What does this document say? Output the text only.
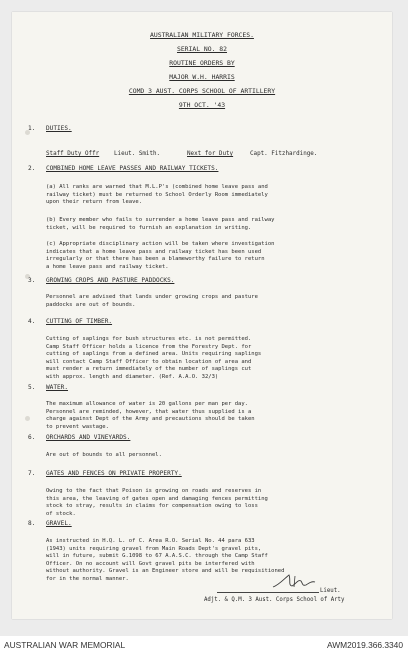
AUSTRALIAN MILITARY FORCES.
SERIAL NO. 82
ROUTINE ORDERS BY
MAJOR W.H. HARRIS
COMD 3 AUST. CORPS SCHOOL OF ARTILLERY
9TH OCT. '43
1. DUTIES.
Staff Duty Offr	Lieut. Smith.	Next for Duty	Capt. Fitzhardinge.
2. COMBINED HOME LEAVE PASSES AND RAILWAY TICKETS.
(a) All ranks are warned that M.L.P's (combined home leave pass and
railway ticket) must be returned to School Orderly Room immediately
upon their return from leave.
(b) Every member who fails to surrender a home leave pass and railway
ticket, will be required to furnish an explanation in writing.
(c) Appropriate disciplinary action will be taken where investigation
indicates that a home leave pass and railway ticket has been used
irregularly or that there has been a blameworthy failure to return
a home leave pass and railway ticket.
3. GROWING CROPS AND PASTURE PADDOCKS.
Personnel are advised that lands under growing crops and pasture
paddocks are out of bounds.
4. CUTTING OF TIMBER.
Cutting of saplings for bush structures etc. is not permitted.
Camp Staff Officer holds a licence from the Forestry Dept. for
cutting of saplings from a defined area. Units requiring saplings
will contact Camp Staff Officer to obtain location of area and
must render a return immediately of the number of saplings cut
with approx. length and diameter. (Ref. A.A.O. 32/3)
5. WATER.
The maximum allowance of water is 20 gallons per man per day.
Personnel are reminded, however, that water thus supplied is a
charge against Dept of the Army and precautions should be taken
to prevent wastage.
6. ORCHARDS AND VINEYARDS.
Are out of bounds to all personnel.
7. GATES AND FENCES ON PRIVATE PROPERTY.
Owing to the fact that Poison is growing on roads and reserves in
this area, the leaving of gates open and damaging fences permitting
stock to stray, results in claims for compensation owing to loss
of stock.
8. GRAVEL.
As instructed in H.Q. L. of C. Area R.O. Serial No. 44 para 633
(1943) units requiring gravel from Main Roads Dept's gravel pits,
will in future, submit G.1098 to 67 A.A.S.C. through the Camp Staff
Officer. On no account will Govt gravel pits be interfered with
without authority. Gravel is an Engineer store and will be requisitioned
for in the normal manner.
Lieut.
Adjt. & Q.M. 3 Aust. Corps School of Arty
AUSTRALIAN WAR MEMORIAL	AWM2019.366.3340
